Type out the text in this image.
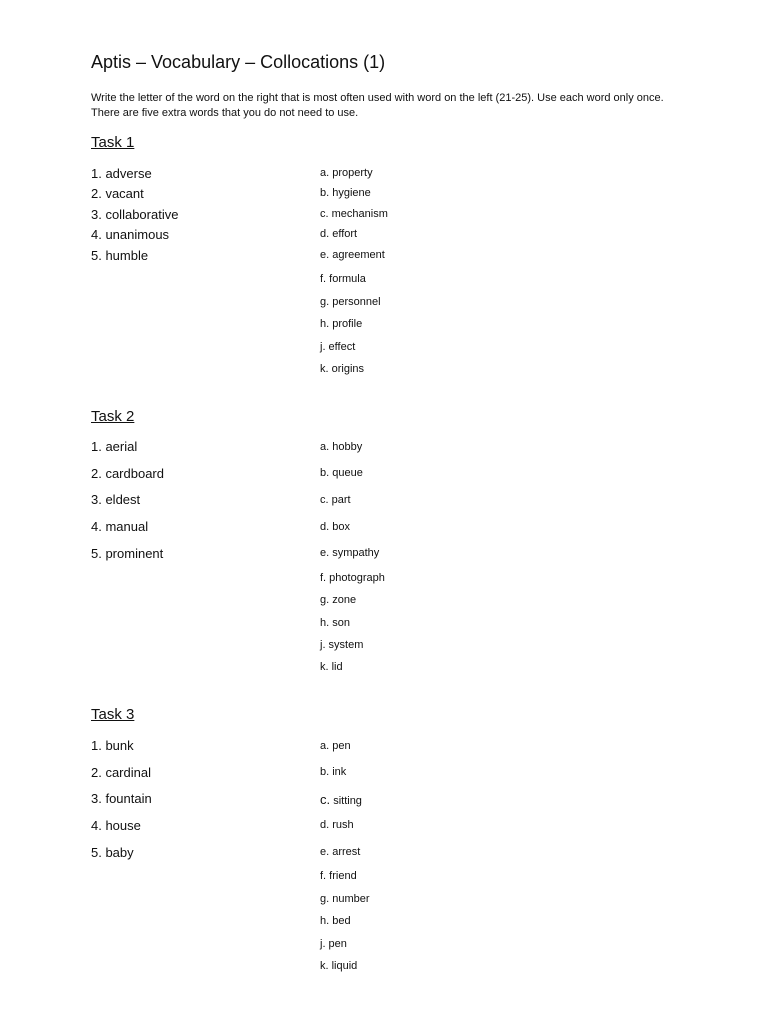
Aptis – Vocabulary – Collocations (1)
Write the letter of the word on the right that is most often used with word on the left (21-25). Use each word only once. There are five extra words that you do not need to use.
Task 1
1. adverse
2. vacant
3. collaborative
4. unanimous
5. humble
a. property
b. hygiene
c. mechanism
d. effort
e. agreement
f. formula
g. personnel
h. profile
j. effect
k. origins
Task 2
1. aerial
2. cardboard
3. eldest
4. manual
5. prominent
a. hobby
b. queue
c. part
d. box
e. sympathy
f. photograph
g. zone
h. son
j. system
k. lid
Task 3
1. bunk
2. cardinal
3. fountain
4. house
5. baby
a. pen
b. ink
c. sitting
d. rush
e. arrest
f. friend
g. number
h. bed
j. pen
k. liquid
